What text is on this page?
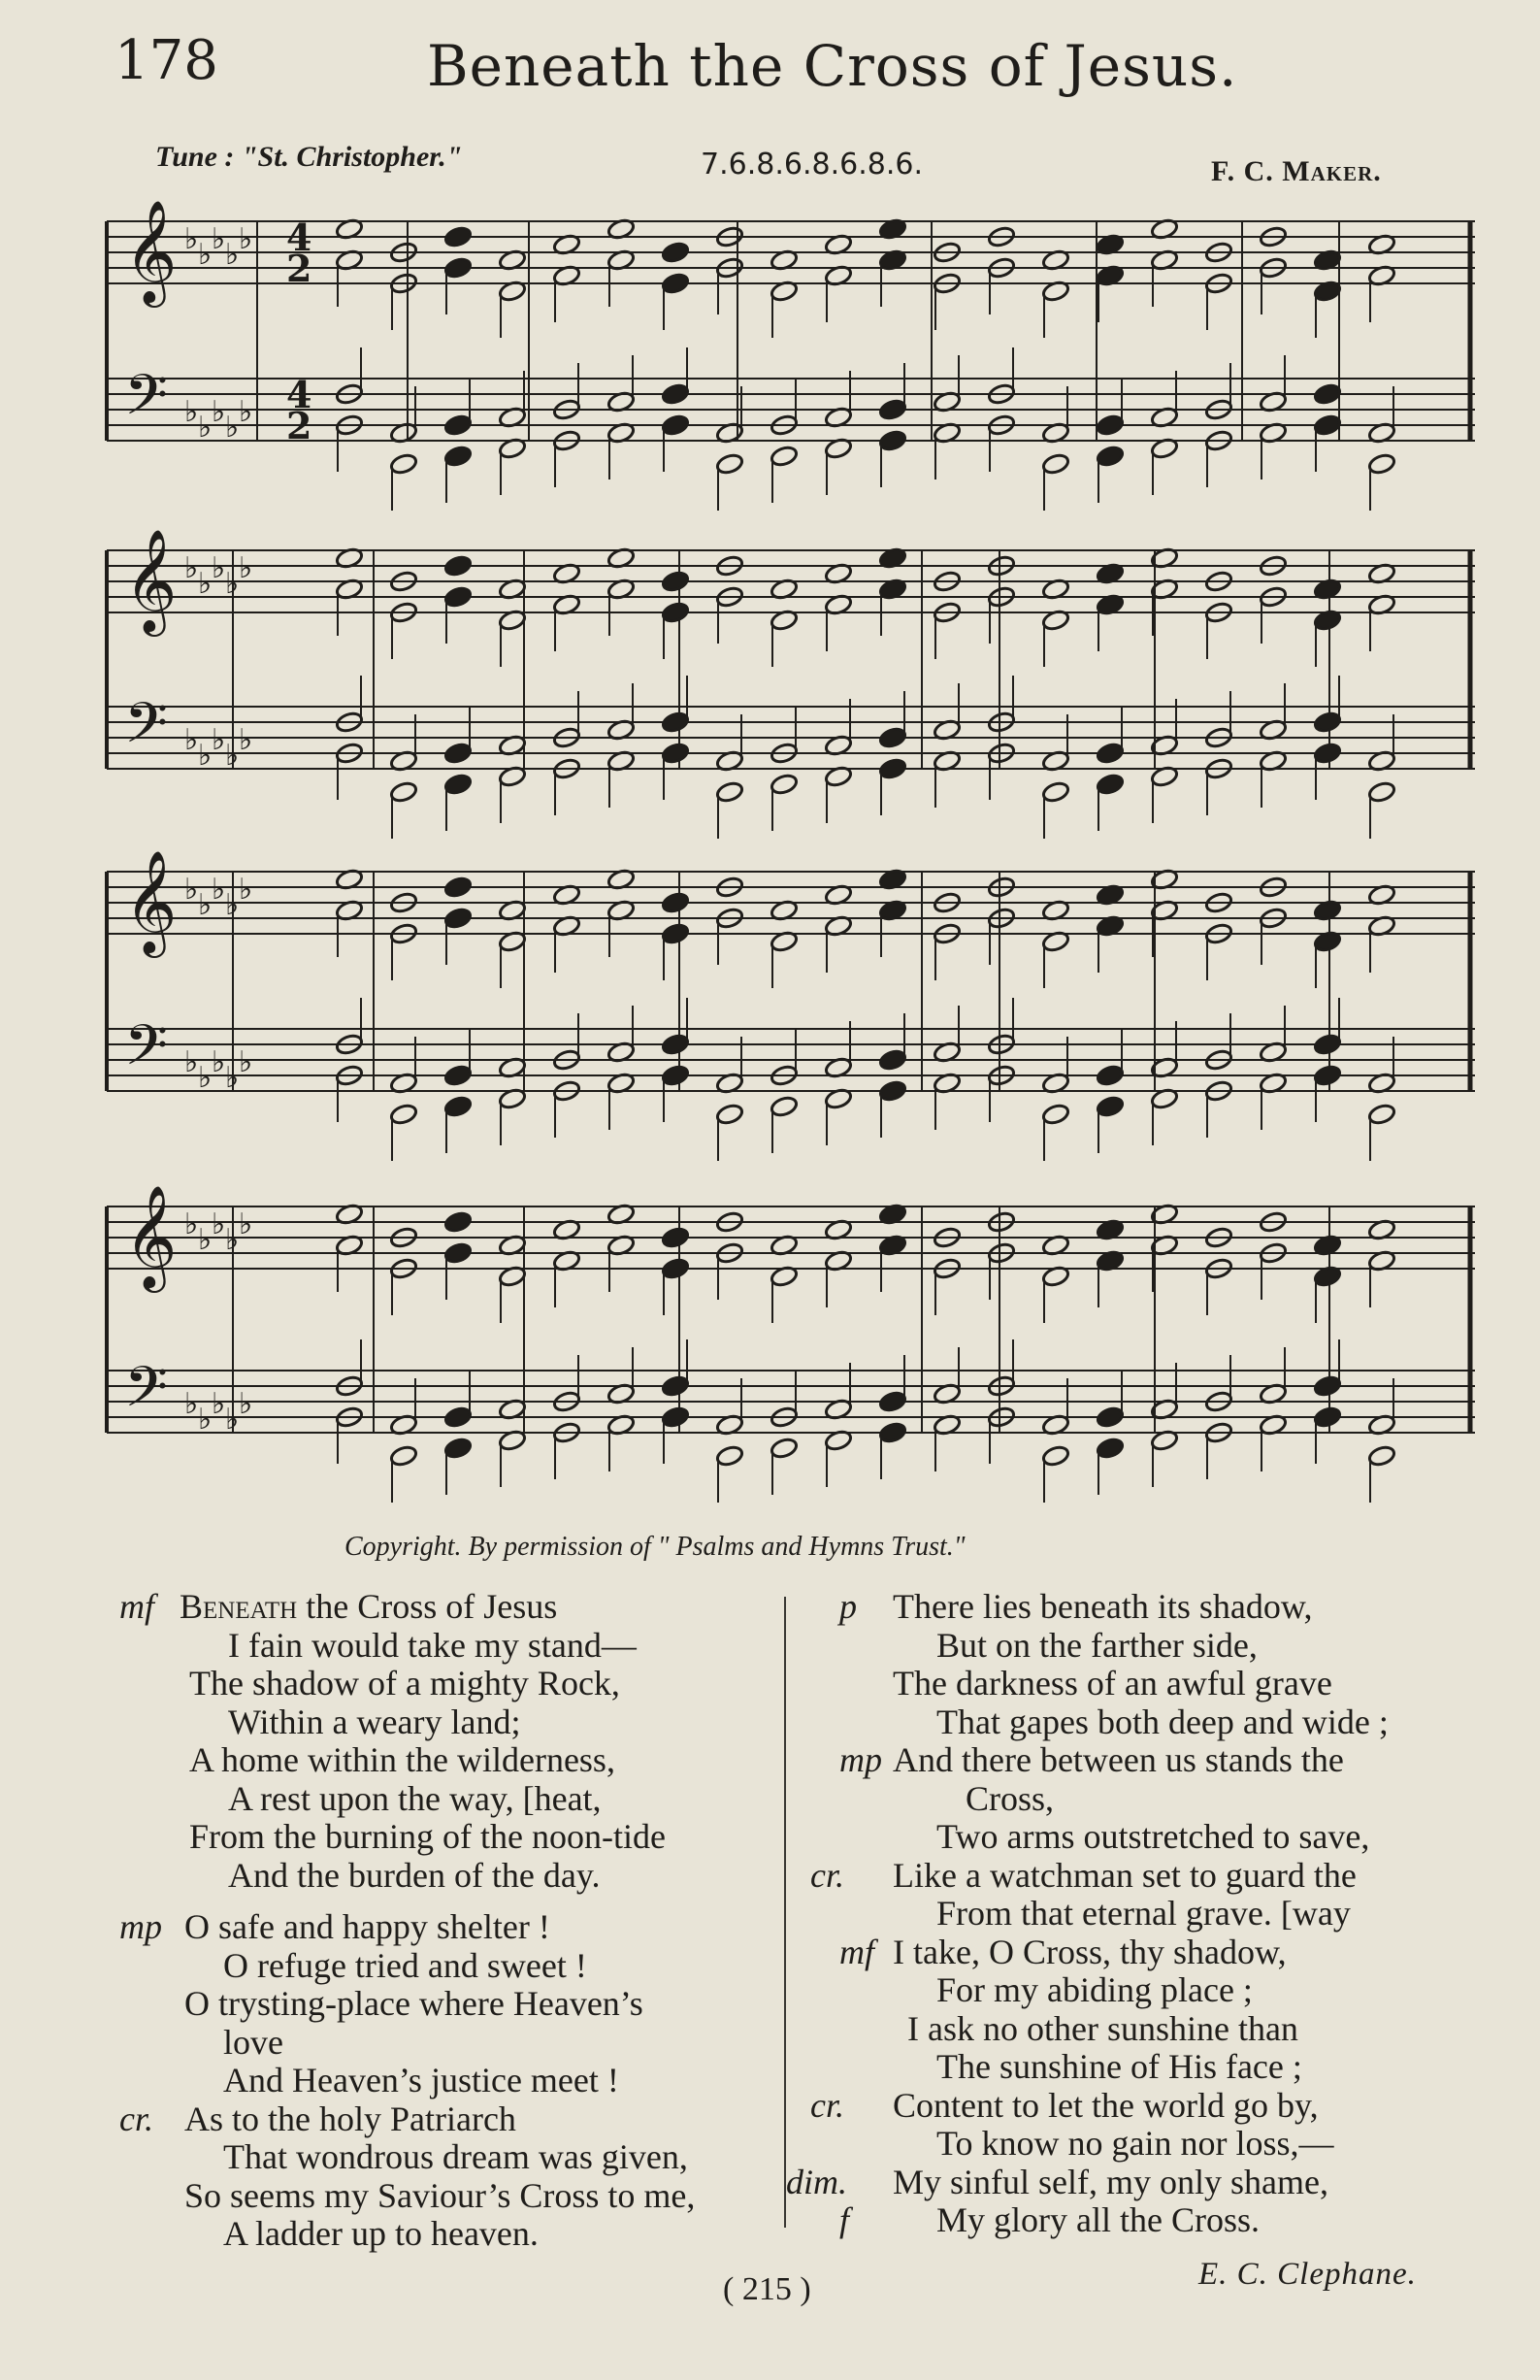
178	Beneath the Cross of Jesus.
Tune : "St. Christopher."	7.6.8.6.8.6.8.6.	F. C. Maker.
𝄞
𝄢
♭
♭
♭
♭
♭
♭
♭
♭
♭
♭
4
2
4
2
𝄞
𝄢
♭
♭
♭
♭
♭
♭
♭
♭
♭
♭
𝄞
𝄢
♭
♭
♭
♭
♭
♭
♭
♭
♭
♭
𝄞
𝄢
♭
♭
♭
♭
♭
♭
♭
♭
♭
♭
Copyright. By permission of " Psalms and Hymns Trust."
mf Beneath the Cross of Jesus
I fain would take my stand—
The shadow of a mighty Rock,
Within a weary land;
A home within the wilderness,
A rest upon the way, [heat,
From the burning of the noon-tide
And the burden of the day.
mp O safe and happy shelter !
O refuge tried and sweet !
O trysting-place where Heaven’s
love
And Heaven’s justice meet !
cr. As to the holy Patriarch
That wondrous dream was given,
So seems my Saviour’s Cross to me,
A ladder up to heaven.
p There lies beneath its shadow,
But on the farther side,
The darkness of an awful grave
That gapes both deep and wide ;
mp And there between us stands the
Cross,
Two arms outstretched to save,
cr. Like a watchman set to guard the
From that eternal grave. [way
mf I take, O Cross, thy shadow,
For my abiding place ;
I ask no other sunshine than
The sunshine of His face ;
cr. Content to let the world go by,
To know no gain nor loss,—
dim. My sinful self, my only shame,
f My glory all the Cross.
( 215 )	E. C. Clephane.
